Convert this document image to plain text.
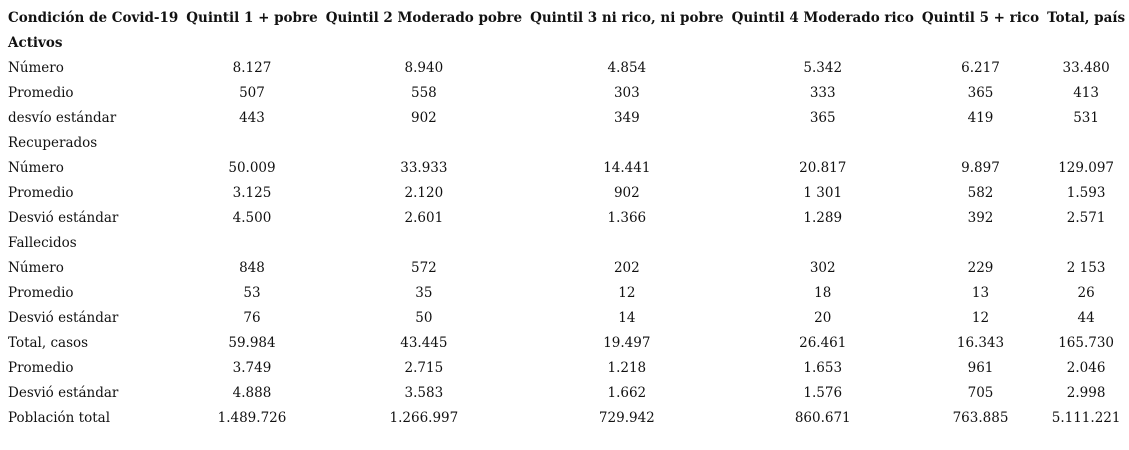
Condición de Covid-19	Quintil 1 + pobre	Quintil 2 Moderado pobre	Quintil 3 ni rico, ni pobre	Quintil 4 Moderado rico	Quintil 5 + rico	Total, país
Activos						
Número	8.127	8.940	4.854	5.342	6.217	33.480
Promedio	507	558	303	333	365	413
desvío estándar	443	902	349	365	419	531
Recuperados						
Número	50.009	33.933	14.441	20.817	9.897	129.097
Promedio	3.125	2.120	902	1 301	582	1.593
Desvió estándar	4.500	2.601	1.366	1.289	392	2.571
Fallecidos						
Número	848	572	202	302	229	2 153
Promedio	53	35	12	18	13	26
Desvió estándar	76	50	14	20	12	44
Total, casos	59.984	43.445	19.497	26.461	16.343	165.730
Promedio	3.749	2.715	1.218	1.653	961	2.046
Desvió estándar	4.888	3.583	1.662	1.576	705	2.998
Población total	1.489.726	1.266.997	729.942	860.671	763.885	5.111.221
